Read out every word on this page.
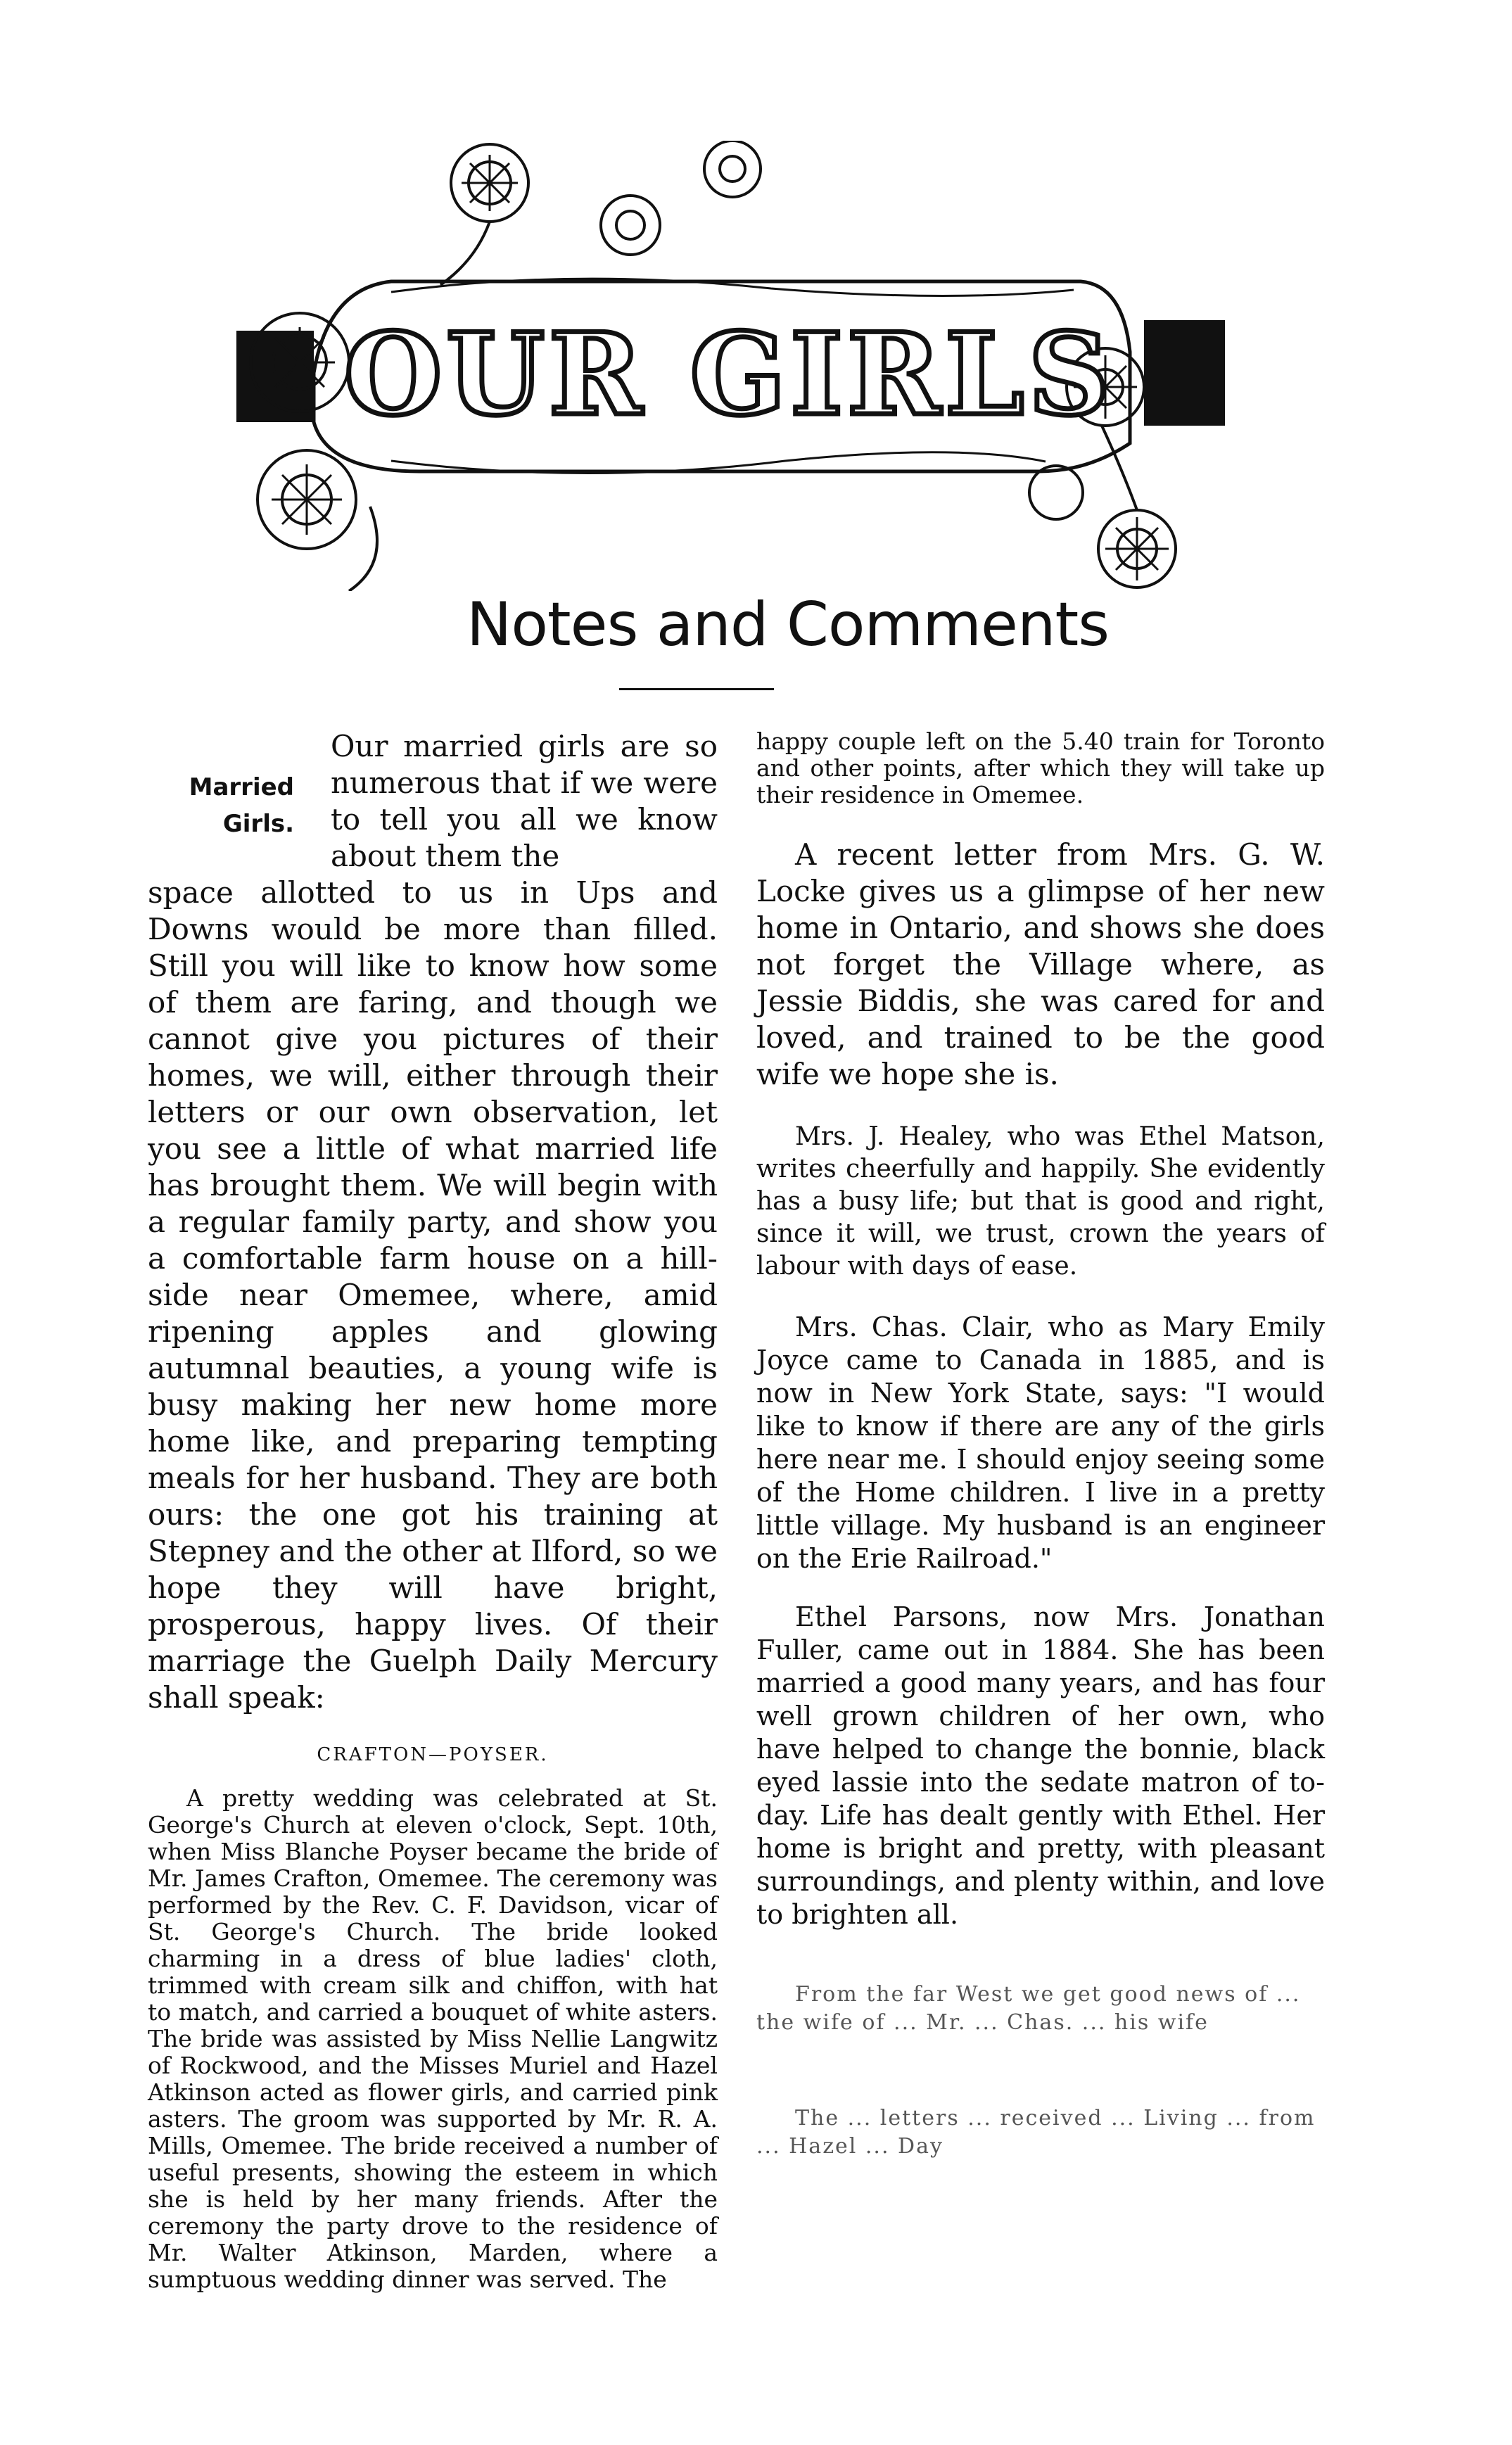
OUR GIRLS
Notes and Comments
Married
Girls.
Our married girls are so numerous that if we were to tell you all we know about them the

space allotted to us in Ups and Downs would be more than filled. Still you will like to know how some of them are faring, and though we cannot give you pictures of their homes, we will, either through their letters or our own observation, let you see a little of what married life has brought them. We will begin with a regular family party, and show you a comfortable farm house on a hill-side near Omemee, where, amid ripening apples and glowing autumnal beauties, a young wife is busy making her new home more home like, and preparing tempting meals for her husband. They are both ours: the one got his training at Stepney and the other at Ilford, so we hope they will have bright, prosperous, happy lives. Of their marriage the Guelph Daily Mercury shall speak:

CRAFTON—POYSER.

A pretty wedding was celebrated at St. George's Church at eleven o'clock, Sept. 10th, when Miss Blanche Poyser became the bride of Mr. James Crafton, Omemee. The ceremony was performed by the Rev. C. F. Davidson, vicar of St. George's Church. The bride looked charming in a dress of blue ladies' cloth, trimmed with cream silk and chiffon, with hat to match, and carried a bouquet of white asters. The bride was assisted by Miss Nellie Langwitz of Rockwood, and the Misses Muriel and Hazel Atkinson acted as flower girls, and carried pink asters. The groom was supported by Mr. R. A. Mills, Omemee. The bride received a number of useful presents, showing the esteem in which she is held by her many friends. After the ceremony the party drove to the residence of Mr. Walter Atkinson, Marden, where a sumptuous wedding dinner was served. The

happy couple left on the 5.40 train for Toronto and other points, after which they will take up their residence in Omemee.

A recent letter from Mrs. G. W. Locke gives us a glimpse of her new home in Ontario, and shows she does not forget the Village where, as Jessie Biddis, she was cared for and loved, and trained to be the good wife we hope she is.

Mrs. J. Healey, who was Ethel Matson, writes cheerfully and happily. She evidently has a busy life; but that is good and right, since it will, we trust, crown the years of labour with days of ease.

Mrs. Chas. Clair, who as Mary Emily Joyce came to Canada in 1885, and is now in New York State, says: "I would like to know if there are any of the girls here near me. I should enjoy seeing some of the Home children. I live in a pretty little village. My husband is an engineer on the Erie Railroad."

Ethel Parsons, now Mrs. Jonathan Fuller, came out in 1884. She has been married a good many years, and has four well grown children of her own, who have helped to change the bonnie, black eyed lassie into the sedate matron of to-day. Life has dealt gently with Ethel. Her home is bright and pretty, with pleasant surroundings, and plenty within, and love to brighten all.

From the far West we get good news of ... the wife of ... Mr. ... Chas. ... his wife

The ... letters ... received ... Living ... from ... Hazel ... Day
